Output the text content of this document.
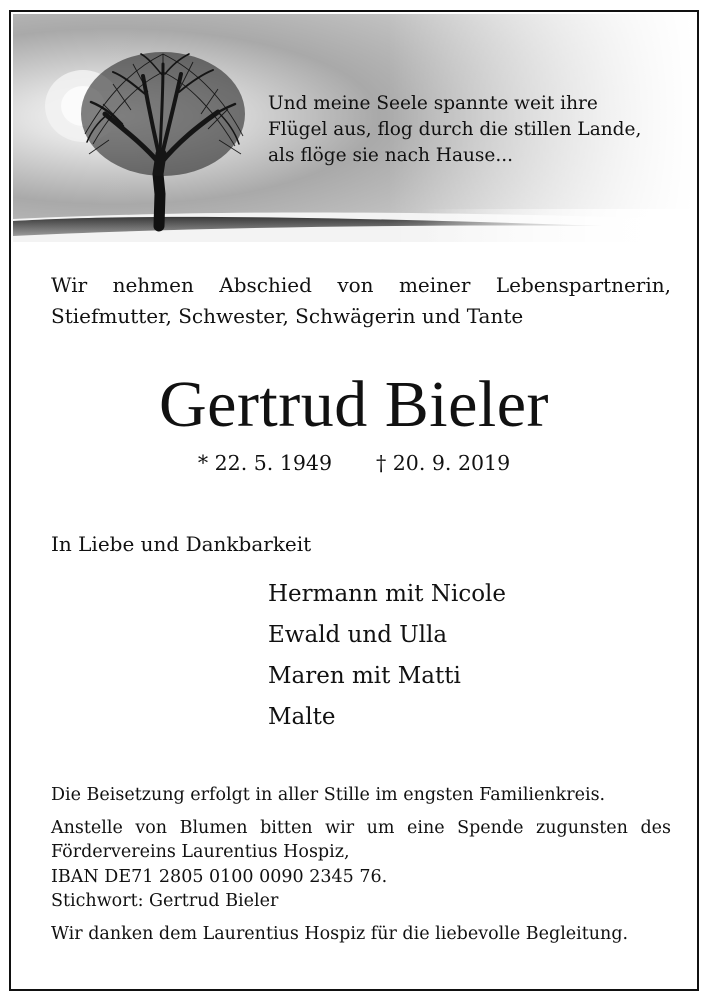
Und meine Seele spannte weit ihre
Flügel aus, flog durch die stillen Lande,
als flöge sie nach Hause...
Wir nehmen Abschied von meiner Lebenspartnerin,
Stiefmutter, Schwester, Schwägerin und Tante
Gertrud Bieler
* 22. 5. 1949 † 20. 9. 2019
In Liebe und Dankbarkeit
Hermann mit Nicole
Ewald und Ulla
Maren mit Matti
Malte
Die Beisetzung erfolgt in aller Stille im engsten Familienkreis.
Anstelle von Blumen bitten wir um eine Spende zugunsten des
Fördervereins Laurentius Hospiz,
IBAN DE71 2805 0100 0090 2345 76.
Stichwort: Gertrud Bieler
Wir danken dem Laurentius Hospiz für die liebevolle Begleitung.
